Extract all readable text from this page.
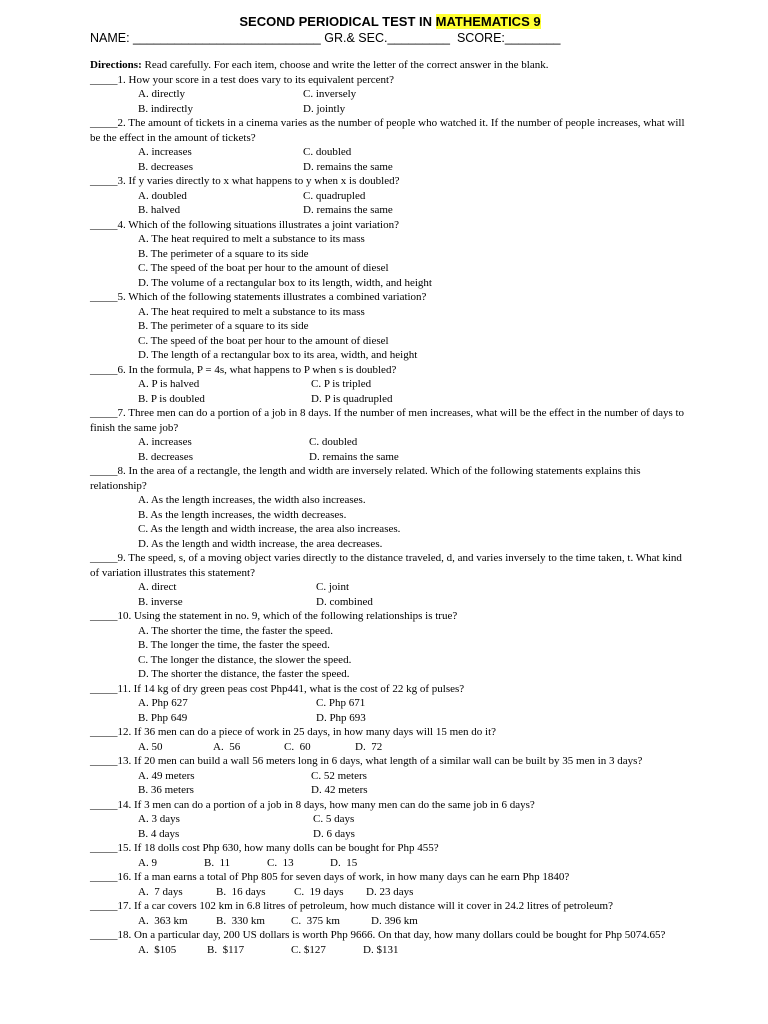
SECOND PERIODICAL TEST IN MATHEMATICS 9
NAME: ___________________________ GR.& SEC._________  SCORE:________
Directions: Read carefully. For each item, choose and write the letter of the correct answer in the blank.
_____1. How your score in a test does vary to its equivalent percent?
A. directly	C. inversely
B. indirectly	D. jointly
_____2. The amount of tickets in a cinema varies as the number of people who watched it. If the number of people increases, what will be the effect in the amount of tickets?
A. increases	C. doubled
B. decreases	D. remains the same
_____3. If y varies directly to x what happens to y when x is doubled?
A. doubled	C. quadrupled
B. halved	D. remains the same
_____4. Which of the following situations illustrates a joint variation?
A. The heat required to melt a substance to its mass
B. The perimeter of a square to its side
C. The speed of the boat per hour to the amount of diesel
D. The volume of a rectangular box to its length, width, and height
_____5. Which of the following statements illustrates a combined variation?
A. The heat required to melt a substance to its mass
B. The perimeter of a square to its side
C. The speed of the boat per hour to the amount of diesel
D. The length of a rectangular box to its area, width, and height
_____6. In the formula, P = 4s, what happens to P when s is doubled?
A. P is halved	C. P is tripled
B. P is doubled	D. P is quadrupled
_____7. Three men can do a portion of a job in 8 days. If the number of men increases, what will be the effect in the number of days to finish the same job?
A. increases	C. doubled
B. decreases	D. remains the same
_____8. In the area of a rectangle, the length and width are inversely related. Which of the following statements explains this relationship?
A. As the length increases, the width also increases.
B. As the length increases, the width decreases.
C. As the length and width increase, the area also increases.
D. As the length and width increase, the area decreases.
_____9. The speed, s, of a moving object varies directly to the distance traveled, d, and varies inversely to the time taken, t. What kind of variation illustrates this statement?
A. direct	C. joint
B. inverse	D. combined
_____10. Using the statement in no. 9, which of the following relationships is true?
A. The shorter the time, the faster the speed.
B. The longer the time, the faster the speed.
C. The longer the distance, the slower the speed.
D. The shorter the distance, the faster the speed.
_____11. If 14 kg of dry green peas cost Php441, what is the cost of 22 kg of pulses?
A. Php 627	C. Php 671
B. Php 649	D. Php 693
_____12. If 36 men can do a piece of work in 25 days, in how many days will 15 men do it?
A. 50	A.  56	C.  60	D.  72
_____13. If 20 men can build a wall 56 meters long in 6 days, what length of a similar wall can be built by 35 men in 3 days?
A. 49 meters	C. 52 meters
B. 36 meters	D. 42 meters
_____14. If 3 men can do a portion of a job in 8 days, how many men can do the same job in 6 days?
A. 3 days	C. 5 days
B. 4 days	D. 6 days
_____15. If 18 dolls cost Php 630, how many dolls can be bought for Php 455?
A. 9	B.  11	C.  13	D.  15
_____16. If a man earns a total of Php 805 for seven days of work, in how many days can he earn Php 1840?
A.  7 days	B.  16 days	C.  19 days D. 23 days
_____17. If a car covers 102 km in 6.8 litres of petroleum, how much distance will it cover in 24.2 litres of petroleum?
A.  363 km	B.  330 km C.  375 km	D. 396 km
_____18. On a particular day, 200 US dollars is worth Php 9666. On that day, how many dollars could be bought for Php 5074.65?
A.  $105	B.  $117	C. $127	D. $131
